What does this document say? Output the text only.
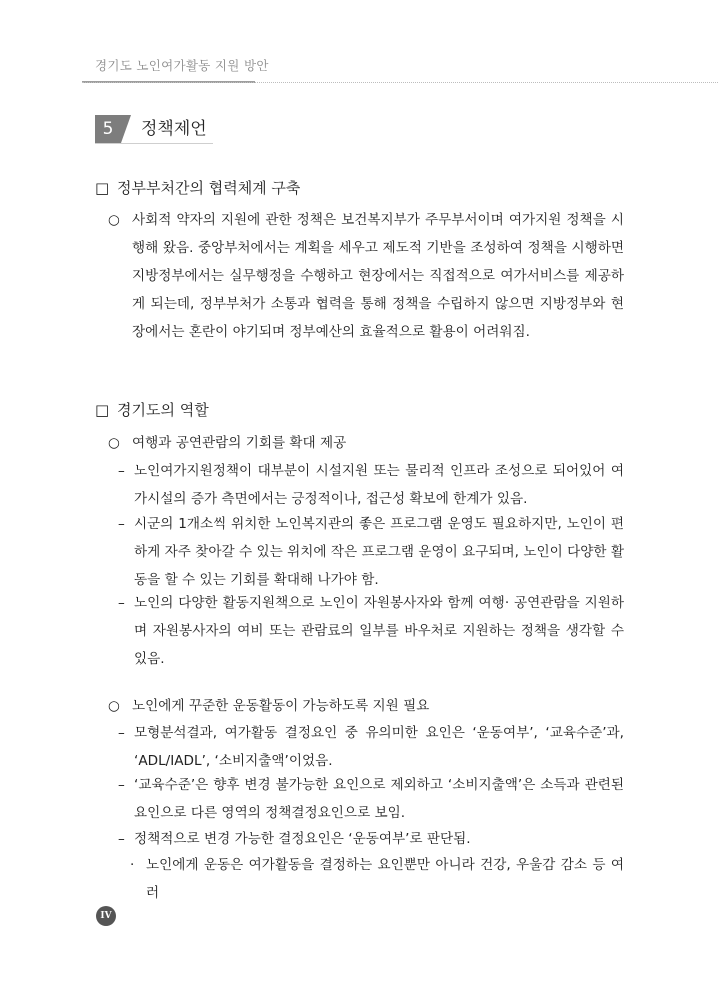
경기도 노인여가활동 지원 방안
5	정책제언
□ 정부부처간의 협력체계 구축
○ 사회적 약자의 지원에 관한 정책은 보건복지부가 주무부서이며 여가지원 정책을 시행해 왔음. 중앙부처에서는 계획을 세우고 제도적 기반을 조성하여 정책을 시행하면 지방정부에서는 실무행정을 수행하고 현장에서는 직접적으로 여가서비스를 제공하게 되는데, 정부부처가 소통과 협력을 통해 정책을 수립하지 않으면 지방정부와 현장에서는 혼란이 야기되며 정부예산의 효율적으로 활용이 어려워짐.
□ 경기도의 역할
○ 여행과 공연관람의 기회를 확대 제공
– 노인여가지원정책이 대부분이 시설지원 또는 물리적 인프라 조성으로 되어있어 여가시설의 증가 측면에서는 긍정적이나, 접근성 확보에 한계가 있음.
– 시군의 1개소씩 위치한 노인복지관의 좋은 프로그램 운영도 필요하지만, 노인이 편하게 자주 찾아갈 수 있는 위치에 작은 프로그램 운영이 요구되며, 노인이 다양한 활동을 할 수 있는 기회를 확대해 나가야 함.
– 노인의 다양한 활동지원책으로 노인이 자원봉사자와 함께 여행· 공연관람을 지원하며 자원봉사자의 여비 또는 관람료의 일부를 바우처로 지원하는 정책을 생각할 수 있음.
○ 노인에게 꾸준한 운동활동이 가능하도록 지원 필요
– 모형분석결과, 여가활동 결정요인 중 유의미한 요인은 ‘운동여부’, ‘교육수준’과, ‘ADL/IADL’, ‘소비지출액’이었음.
– ‘교육수준’은 향후 변경 불가능한 요인으로 제외하고 ‘소비지출액’은 소득과 관련된 요인으로 다른 영역의 정책결정요인으로 보임.
– 정책적으로 변경 가능한 결정요인은 ‘운동여부’로 판단됨.
· 노인에게 운동은 여가활동을 결정하는 요인뿐만 아니라 건강, 우울감 감소 등 여러
IV
